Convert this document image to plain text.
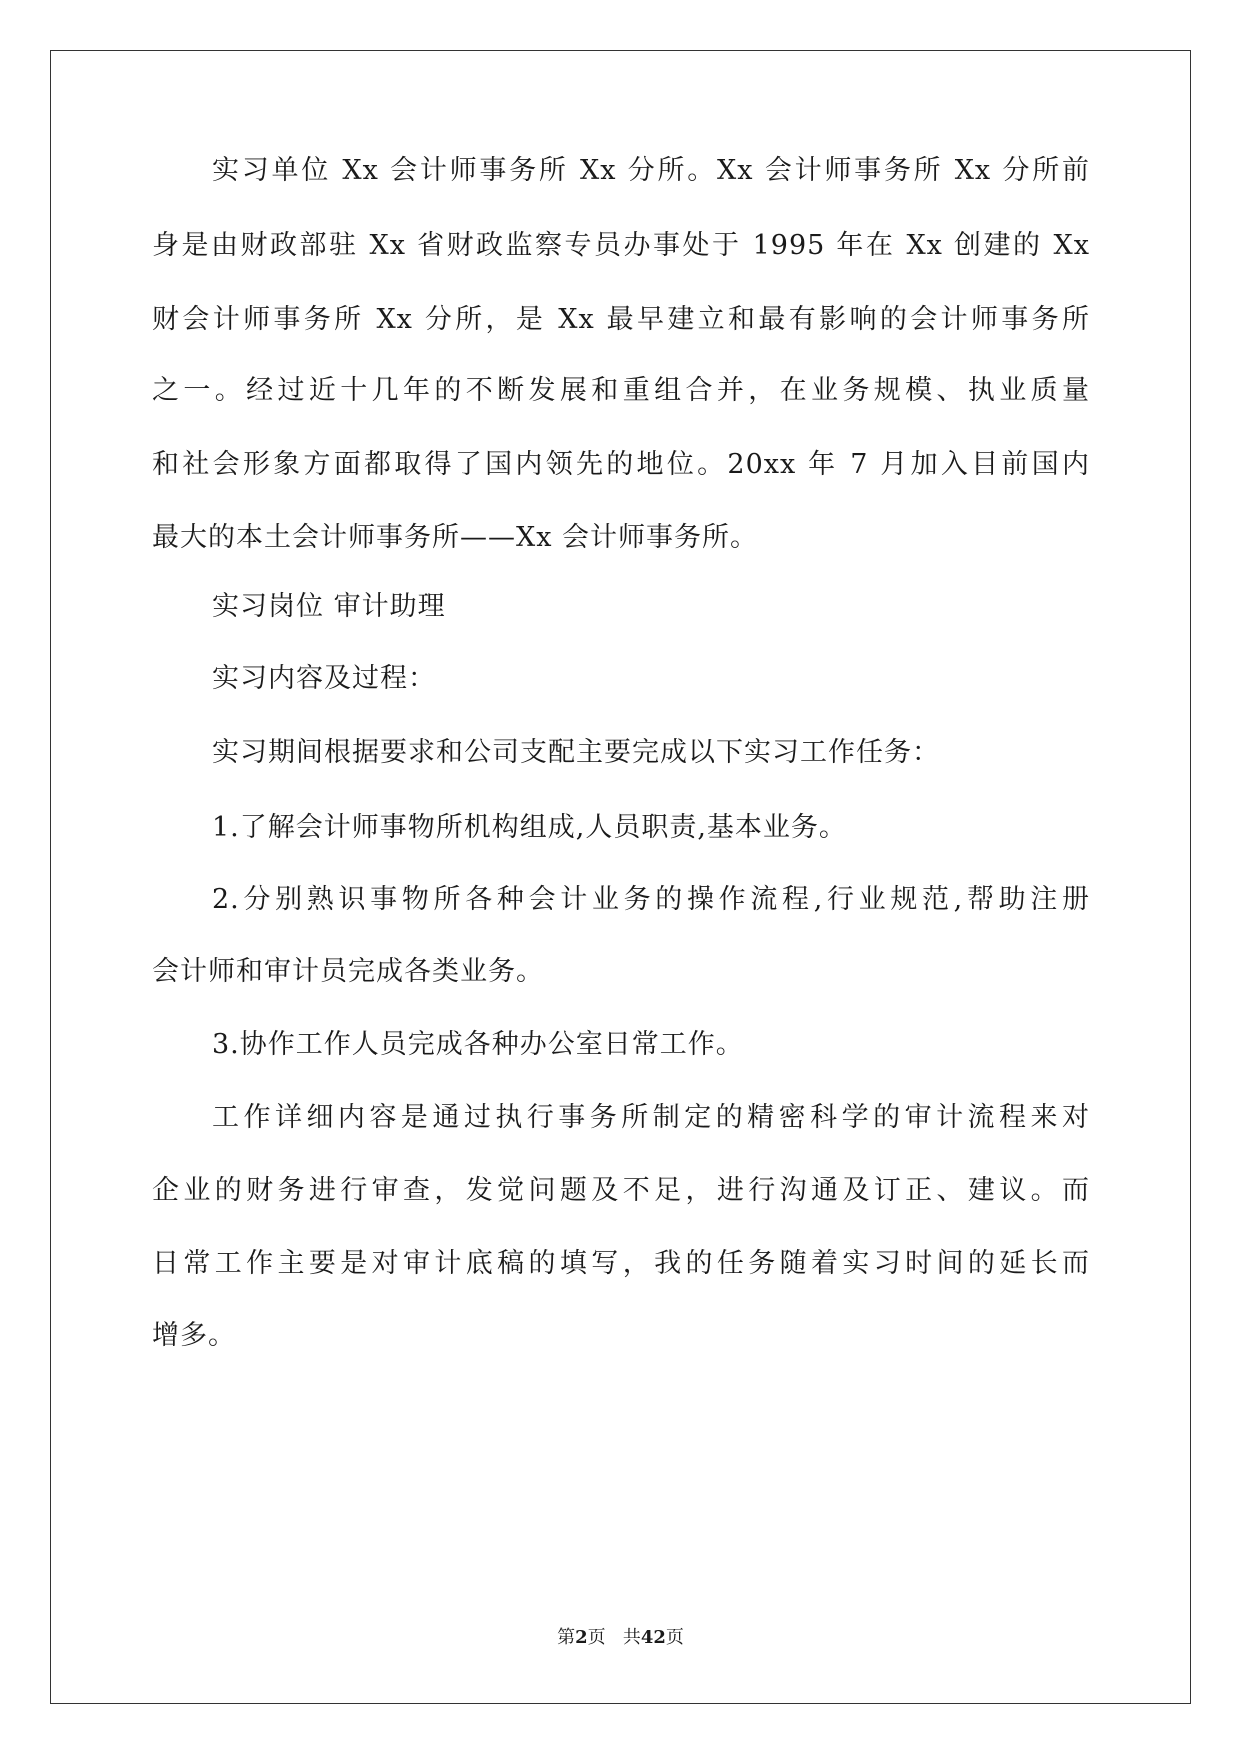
实习单位 Xx 会计师事务所 Xx 分所。Xx 会计师事务所 Xx 分所前
身是由财政部驻 Xx 省财政监察专员办事处于 1995 年在 Xx 创建的 Xx
财会计师事务所 Xx 分所，是 Xx 最早建立和最有影响的会计师事务所
之一。经过近十几年的不断发展和重组合并，在业务规模、执业质量
和社会形象方面都取得了国内领先的地位。20xx 年 7 月加入目前国内
最大的本土会计师事务所——Xx 会计师事务所。
实习岗位 审计助理
实习内容及过程：
实习期间根据要求和公司支配主要完成以下实习工作任务：
1.了解会计师事物所机构组成,人员职责,基本业务。
2.分别熟识事物所各种会计业务的操作流程,行业规范,帮助注册
会计师和审计员完成各类业务。
3.协作工作人员完成各种办公室日常工作。
工作详细内容是通过执行事务所制定的精密科学的审计流程来对
企业的财务进行审查，发觉问题及不足，进行沟通及订正、建议。而
日常工作主要是对审计底稿的填写，我的任务随着实习时间的延长而
增多。
第2页 共42页
